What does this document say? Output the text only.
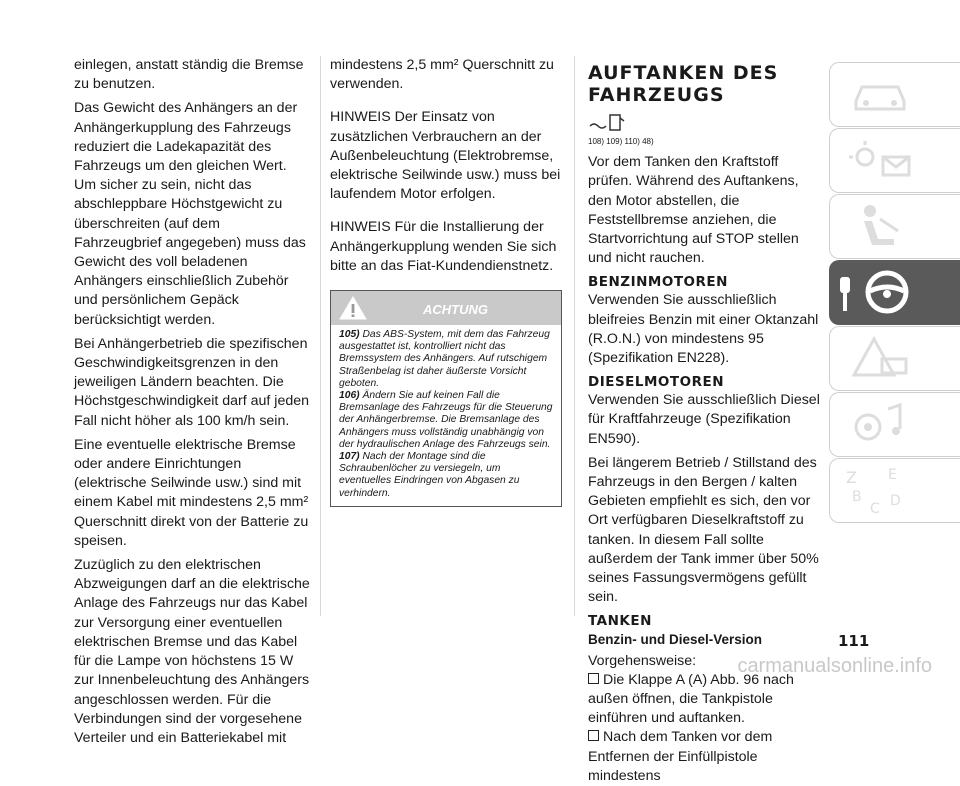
einlegen, anstatt ständig die Bremse zu benutzen.

Das Gewicht des Anhängers an der Anhängerkupplung des Fahrzeugs reduziert die Ladekapazität des Fahrzeugs um den gleichen Wert. Um sicher zu sein, nicht das abschleppbare Höchstgewicht zu überschreiten (auf dem Fahrzeugbrief angegeben) muss das Gewicht des voll beladenen Anhängers einschließlich Zubehör und persönlichem Gepäck berücksichtigt werden.

Bei Anhängerbetrieb die spezifischen Geschwindigkeitsgrenzen in den jeweiligen Ländern beachten. Die Höchstgeschwindigkeit darf auf jeden Fall nicht höher als 100 km/h sein.

Eine eventuelle elektrische Bremse oder andere Einrichtungen (elektrische Seilwinde usw.) sind mit einem Kabel mit mindestens 2,5 mm² Querschnitt direkt von der Batterie zu speisen.

Zuzüglich zu den elektrischen Abzweigungen darf an die elektrische Anlage des Fahrzeugs nur das Kabel zur Versorgung einer eventuellen elektrischen Bremse und das Kabel für die Lampe von höchstens 15 W zur Innenbeleuchtung des Anhängers angeschlossen werden. Für die Verbindungen sind der vorgesehene Verteiler und ein Batteriekabel mit

mindestens 2,5 mm² Querschnitt zu verwenden.

HINWEIS Der Einsatz von zusätzlichen Verbrauchern an der Außenbeleuchtung (Elektrobremse, elektrische Seilwinde usw.) muss bei laufendem Motor erfolgen.

HINWEIS Für die Installierung der Anhängerkupplung wenden Sie sich bitte an das Fiat-Kundendienstnetz.

ACHTUNG

105) Das ABS-System, mit dem das Fahrzeug ausgestattet ist, kontrolliert nicht das Bremssystem des Anhängers. Auf rutschigem Straßenbelag ist daher äußerste Vorsicht geboten.

106) Ändern Sie auf keinen Fall die Bremsanlage des Fahrzeugs für die Steuerung der Anhängerbremse. Die Bremsanlage des Anhängers muss vollständig unabhängig von der hydraulischen Anlage des Fahrzeugs sein.

107) Nach der Montage sind die Schraubenlöcher zu versiegeln, um eventuelles Eindringen von Abgasen zu verhindern.

AUFTANKEN DES FAHRZEUGS
108) 109) 110) 48)

Vor dem Tanken den Kraftstoff prüfen. Während des Auftankens, den Motor abstellen, die Feststellbremse anziehen, die Startvorrichtung auf STOP stellen und nicht rauchen.

BENZINMOTOREN

Verwenden Sie ausschließlich bleifreies Benzin mit einer Oktanzahl (R.O.N.) von mindestens 95 (Spezifikation EN228).

DIESELMOTOREN

Verwenden Sie ausschließlich Diesel für Kraftfahrzeuge (Spezifikation EN590).

Bei längerem Betrieb / Stillstand des Fahrzeugs in den Bergen / kalten Gebieten empfiehlt es sich, den vor Ort verfügbaren Dieselkraftstoff zu tanken. In diesem Fall sollte außerdem der Tank immer über 50% seines Fassungsvermögens gefüllt sein.

TANKEN
Benzin- und Diesel-Version

Vorgehensweise:

Die Klappe A (A) Abb. 96 nach außen öffnen, die Tankpistole einführen und auftanken.

Nach dem Tanken vor dem Entfernen der Einfüllpistole mindestens

Z E
B
C D
111
carmanualsonline.info
